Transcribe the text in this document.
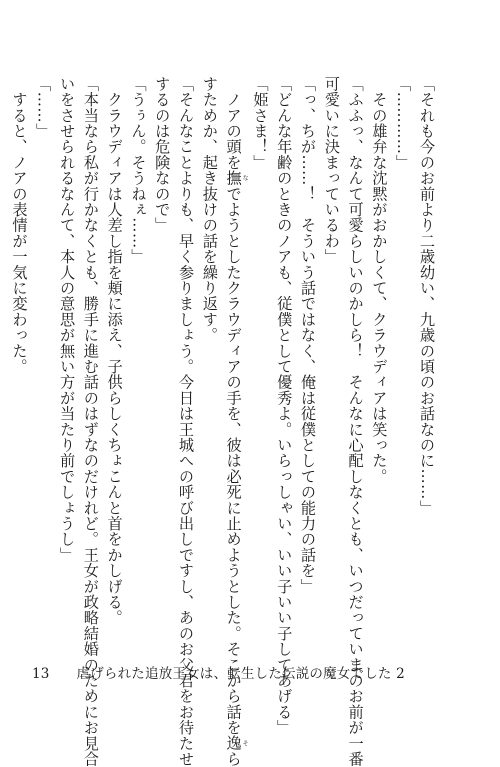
「それも今のお前より二歳幼い、九歳の頃のお話なのに……」
「…………」
　その雄弁な沈黙がおかしくて、クラウディアは笑った。
「ふふっ、なんて可愛らしいのかしら！　そんなに心配しなくとも、いつだっていまのお前が一番
可愛いに決まっているわ」
「っ、ちが……！　そういう話ではなく、俺は従僕としての能力の話を」
「どんな年齢のときのノアも、従僕として優秀よ。いらっしゃい、いい子いい子してあげる」
「姫さま！」
　ノアの頭を撫なでようとしたクラウディアの手を、彼は必死に止めようとした。そこから話を逸そら
すためか、起き抜けの話を繰り返す。
「そんなことよりも、早く参りましょう。今日は王城への呼び出しですし、あのお父君をお待たせ
するのは危険なので」
「うぅん。そうねぇ……」
　クラウディアは人差し指を頬に添え、子供らしくちょこんと首をかしげる。
「本当なら私が行かなくとも、勝手に進む話のはずなのだけれど。王女が政略結婚のためにお見合
いをさせられるなんて、本人の意思が無い方が当たり前でしょうし」
「……」
　すると、ノアの表情が一気に変わった。
13 虐げられた追放王女は、転生した伝説の魔女でした 2
